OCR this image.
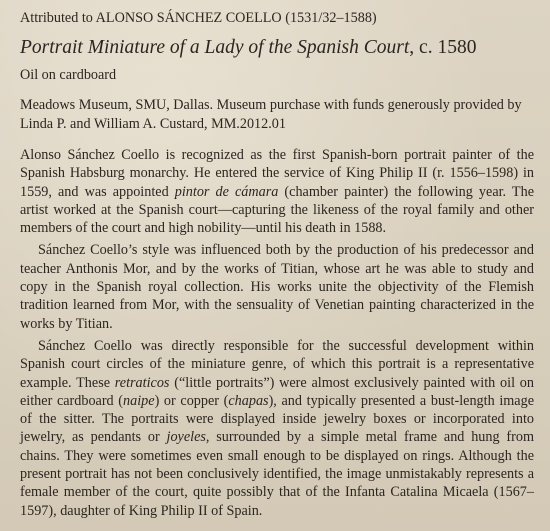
Attributed to ALONSO SÁNCHEZ COELLO (1531/32–1588)

Portrait Miniature of a Lady of the Spanish Court, c. 1580

Oil on cardboard

Meadows Museum, SMU, Dallas. Museum purchase with funds generously provided by Linda P. and William A. Custard, MM.2012.01

Alonso Sánchez Coello is recognized as the first Spanish-born portrait painter of the Spanish Habsburg monarchy. He entered the service of King Philip II (r. 1556–1598) in 1559, and was appointed pintor de cámara (chamber painter) the following year. The artist worked at the Spanish court—capturing the likeness of the royal family and other members of the court and high nobility—until his death in 1588.

Sánchez Coello’s style was influenced both by the production of his predecessor and teacher Anthonis Mor, and by the works of Titian, whose art he was able to study and copy in the Spanish royal collection. His works unite the objectivity of the Flemish tradition learned from Mor, with the sensuality of Venetian painting characterized in the works by Titian.

Sánchez Coello was directly responsible for the successful development within Spanish court circles of the miniature genre, of which this portrait is a representative example. These retraticos (“little portraits”) were almost exclusively painted with oil on either cardboard (naipe) or copper (chapas), and typically presented a bust-length image of the sitter. The portraits were displayed inside jewelry boxes or incorporated into jewelry, as pendants or joyeles, surrounded by a simple metal frame and hung from chains. They were sometimes even small enough to be displayed on rings. Although the present portrait has not been conclusively identified, the image unmistakably represents a female member of the court, quite possibly that of the Infanta Catalina Micaela (1567–1597), daughter of King Philip II of Spain.
